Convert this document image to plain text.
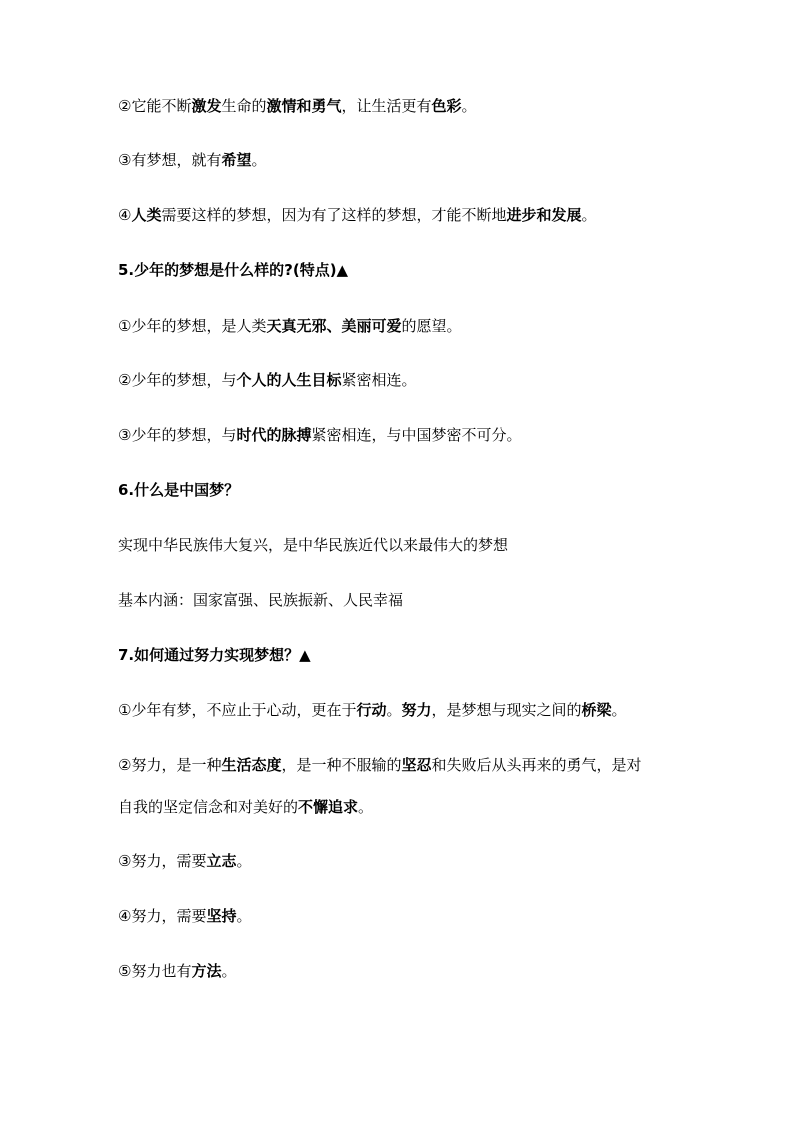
②它能不断激发生命的激情和勇气，让生活更有色彩。
③有梦想，就有希望。
④人类需要这样的梦想，因为有了这样的梦想，才能不断地进步和发展。
5.少年的梦想是什么样的?(特点)▲
①少年的梦想，是人类天真无邪、美丽可爱的愿望。
②少年的梦想，与个人的人生目标紧密相连。
③少年的梦想，与时代的脉搏紧密相连，与中国梦密不可分。
6.什么是中国梦？
实现中华民族伟大复兴，是中华民族近代以来最伟大的梦想
基本内涵：国家富强、民族振新、人民幸福
7.如何通过努力实现梦想？▲
①少年有梦，不应止于心动，更在于行动。努力，是梦想与现实之间的桥梁。
②努力，是一种生活态度，是一种不服输的坚忍和失败后从头再来的勇气，是对
自我的坚定信念和对美好的不懈追求。
③努力，需要立志。
④努力，需要坚持。
⑤努力也有方法。
